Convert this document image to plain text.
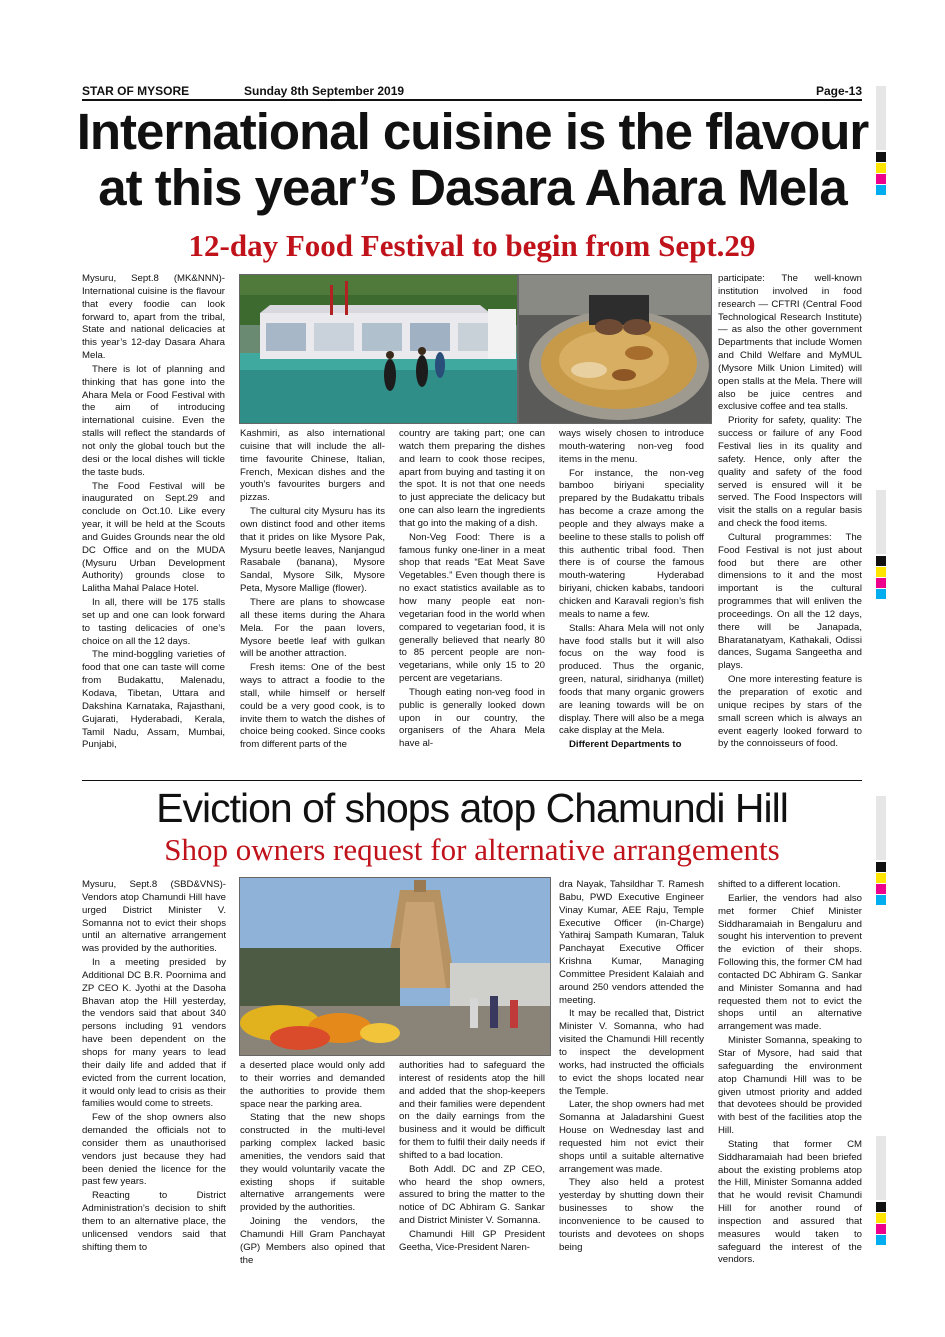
STAR OF MYSORE	Sunday 8th September 2019	Page-13
International cuisine is the flavour
at this year’s Dasara Ahara Mela
12-day Food Festival to begin from Sept.29

Mysuru, Sept.8 (MK&NNN)- International cuisine is the flavour that every foodie can look forward to, apart from the tribal, State and national delicacies at this year’s 12-day Dasara Ahara Mela.

There is lot of planning and thinking that has gone into the Ahara Mela or Food Festival with the aim of introducing international cuisine. Even the stalls will reflect the standards of not only the global touch but the desi or the local dishes will tickle the taste buds.

The Food Festival will be inaugurated on Sept.29 and conclude on Oct.10. Like every year, it will be held at the Scouts and Guides Grounds near the old DC Office and on the MUDA (Mysuru Urban Development Authority) grounds close to Lalitha Mahal Palace Hotel.

In all, there will be 175 stalls set up and one can look forward to tasting delicacies of one’s choice on all the 12 days.

The mind-boggling varieties of food that one can taste will come from Budakattu, Malenadu, Kodava, Tibetan, Uttara and Dakshina Karnataka, Rajasthani, Gujarati, Hyderabadi, Kerala, Tamil Nadu, Assam, Mumbai, Punjabi,

Kashmiri, as also international cuisine that will include the all-time favourite Chinese, Italian, French, Mexican dishes and the youth’s favourites burgers and pizzas.

The cultural city Mysuru has its own distinct food and other items that it prides on like Mysore Pak, Mysuru beetle leaves, Nanjangud Rasabale (banana), Mysore Sandal, Mysore Silk, Mysore Peta, Mysore Mallige (flower).

There are plans to showcase all these items during the Ahara Mela. For the paan lovers, Mysore beetle leaf with gulkan will be another attraction.

Fresh items: One of the best ways to attract a foodie to the stall, while himself or herself could be a very good cook, is to invite them to watch the dishes of choice being cooked. Since cooks from different parts of the

country are taking part; one can watch them preparing the dishes and learn to cook those recipes, apart from buying and tasting it on the spot. It is not that one needs to just appreciate the delicacy but one can also learn the ingredients that go into the making of a dish.

Non-Veg Food: There is a famous funky one-liner in a meat shop that reads “Eat Meat Save Vegetables.” Even though there is no exact statistics available as to how many people eat non-vegetarian food in the world when compared to vegetarian food, it is generally believed that nearly 80 to 85 percent people are non-vegetarians, while only 15 to 20 percent are vegetarians.

Though eating non-veg food in public is generally looked down upon in our country, the organisers of the Ahara Mela have al-

ways wisely chosen to introduce mouth-watering non-veg food items in the menu.

For instance, the non-veg bamboo biriyani speciality prepared by the Budakattu tribals has become a craze among the people and they always make a beeline to these stalls to polish off this authentic tribal food. Then there is of course the famous mouth-watering Hyderabad biriyani, chicken kababs, tandoori chicken and Karavali region’s fish meals to name a few.

Stalls: Ahara Mela will not only have food stalls but it will also focus on the way food is produced. Thus the organic, green, natural, siridhanya (millet) foods that many organic growers are leaning towards will be on display. There will also be a mega cake display at the Mela.

Different Departments to

participate: The well-known institution involved in food research — CFTRI (Central Food Technological Research Institute) — as also the other government Departments that include Women and Child Welfare and MyMUL (Mysore Milk Union Limited) will open stalls at the Mela. There will also be juice centres and exclusive coffee and tea stalls.

Priority for safety, quality: The success or failure of any Food Festival lies in its quality and safety. Hence, only after the quality and safety of the food served is ensured will it be served. The Food Inspectors will visit the stalls on a regular basis and check the food items.

Cultural programmes: The Food Festival is not just about food but there are other dimensions to it and the most important is the cultural programmes that will enliven the proceedings. On all the 12 days, there will be Janapada, Bharatanatyam, Kathakali, Odissi dances, Sugama Sangeetha and plays.

One more interesting feature is the preparation of exotic and unique recipes by stars of the small screen which is always an event eagerly looked forward to by the connoisseurs of food.

Eviction of shops atop Chamundi Hill
Shop owners request for alternative arrangements

Mysuru, Sept.8 (SBD&VNS)- Vendors atop Chamundi Hill have urged District Minister V. Somanna not to evict their shops until an alternative arrangement was provided by the authorities.

In a meeting presided by Additional DC B.R. Poornima and ZP CEO K. Jyothi at the Dasoha Bhavan atop the Hill yesterday, the vendors said that about 340 persons including 91 vendors have been dependent on the shops for many years to lead their daily life and added that if evicted from the current location, it would only lead to crisis as their families would come to streets.

Few of the shop owners also demanded the officials not to consider them as unauthorised vendors just because they had been denied the licence for the past few years.

Reacting to District Administration’s decision to shift them to an alternative place, the unlicensed vendors said that shifting them to

a deserted place would only add to their worries and demanded the authorities to provide them space near the parking area.

Stating that the new shops constructed in the multi-level parking complex lacked basic amenities, the vendors said that they would voluntarily vacate the existing shops if suitable alternative arrangements were provided by the authorities.

Joining the vendors, the Chamundi Hill Gram Panchayat (GP) Members also opined that the

authorities had to safeguard the interest of residents atop the hill and added that the shop-keepers and their families were dependent on the daily earnings from the business and it would be difficult for them to fulfil their daily needs if shifted to a bad location.

Both Addl. DC and ZP CEO, who heard the shop owners, assured to bring the matter to the notice of DC Abhiram G. Sankar and District Minister V. Somanna.

Chamundi Hill GP President Geetha, Vice-President Naren-

dra Nayak, Tahsildhar T. Ramesh Babu, PWD Executive Engineer Vinay Kumar, AEE Raju, Temple Executive Officer (in-Charge) Yathiraj Sampath Kumaran, Taluk Panchayat Executive Officer Krishna Kumar, Managing Committee President Kalaiah and around 250 vendors attended the meeting.

It may be recalled that, District Minister V. Somanna, who had visited the Chamundi Hill recently to inspect the development works, had instructed the officials to evict the shops located near the Temple.

Later, the shop owners had met Somanna at Jaladarshini Guest House on Wednesday last and requested him not evict their shops until a suitable alternative arrangement was made.

They also held a protest yesterday by shutting down their businesses to show the inconvenience to be caused to tourists and devotees on shops being

shifted to a different location.

Earlier, the vendors had also met former Chief Minister Siddharamaiah in Bengaluru and sought his intervention to prevent the eviction of their shops. Following this, the former CM had contacted DC Abhiram G. Sankar and Minister Somanna and had requested them not to evict the shops until an alternative arrangement was made.

Minister Somanna, speaking to Star of Mysore, had said that safeguarding the environment atop Chamundi Hill was to be given utmost priority and added that devotees should be provided with best of the facilities atop the Hill.

Stating that former CM Siddharamaiah had been briefed about the existing problems atop the Hill, Minister Somanna added that he would revisit Chamundi Hill for another round of inspection and assured that measures would taken to safeguard the interest of the vendors.
